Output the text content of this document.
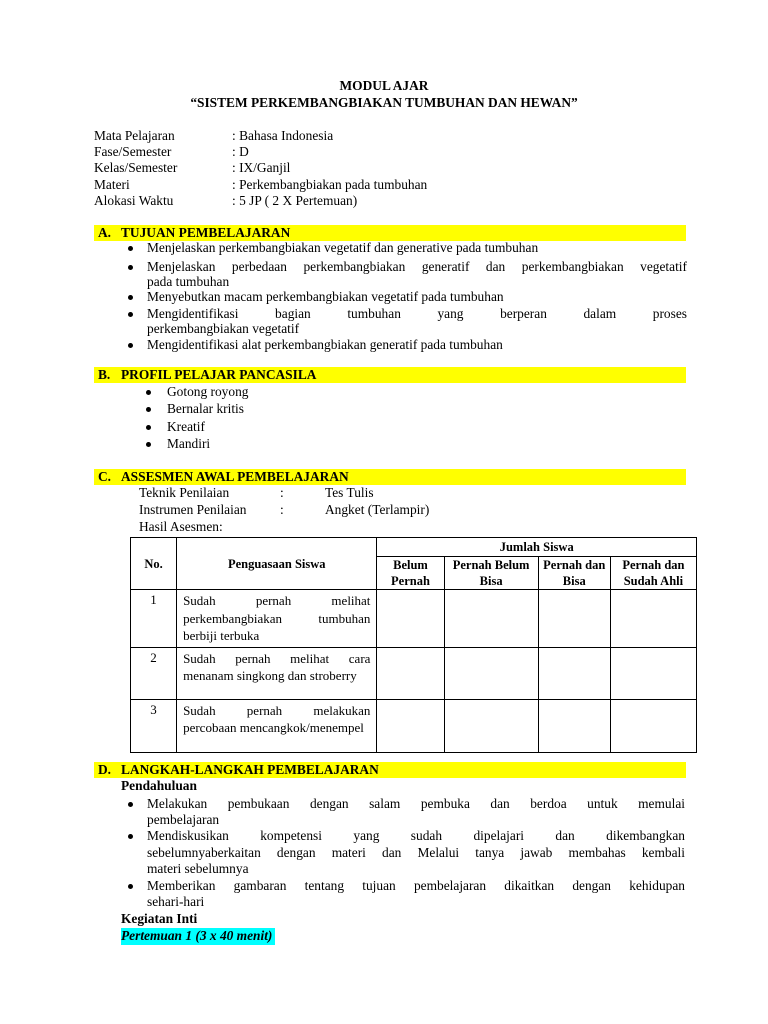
MODUL AJAR
“SISTEM PERKEMBANGBIAKAN TUMBUHAN DAN HEWAN”
Mata Pelajaran	: Bahasa Indonesia
Fase/Semester	: D
Kelas/Semester	: IX/Ganjil
Materi	: Perkembangbiakan pada tumbuhan
Alokasi Waktu	: 5 JP ( 2 X Pertemuan)
A. TUJUAN PEMBELAJARAN
Menjelaskan perkembangbiakan vegetatif dan generative pada tumbuhan
Menjelaskan perbedaan perkembangbiakan generatif dan perkembangbiakan vegetatif
pada tumbuhan
Menyebutkan macam perkembangbiakan vegetatif pada tumbuhan
Mengidentifikasi bagian tumbuhan yang berperan dalam proses
perkembangbiakan vegetatif
Mengidentifikasi alat perkembangbiakan generatif pada tumbuhan
B. PROFIL PELAJAR PANCASILA
Gotong royong
Bernalar kritis
Kreatif
Mandiri
C. ASSESMEN AWAL PEMBELAJARAN
Teknik Penilaian	:	Tes Tulis
Instrumen Penilaian	:	Angket (Terlampir)
Hasil Asesmen:
No.	Penguasaan Siswa	Jumlah Siswa			
		Belum Pernah	Pernah Belum Bisa	Pernah dan Bisa	Pernah dan Sudah Ahli
1	Sudah pernah melihat perkembangbiakan tumbuhan berbiji terbuka				
2	Sudah pernah melihat cara menanam singkong dan stroberry				
3	Sudah pernah melakukan percobaan mencangkok/menempel				
D. LANGKAH-LANGKAH PEMBELAJARAN
Pendahuluan
Melakukan pembukaan dengan salam pembuka dan berdoa untuk memulai
pembelajaran
Mendiskusikan kompetensi yang sudah dipelajari dan dikembangkan
sebelumnyaberkaitan dengan materi dan Melalui tanya jawab membahas kembali
materi sebelumnya
Memberikan gambaran tentang tujuan pembelajaran dikaitkan dengan kehidupan
sehari-hari
Kegiatan Inti
Pertemuan 1 (3 x 40 menit)
